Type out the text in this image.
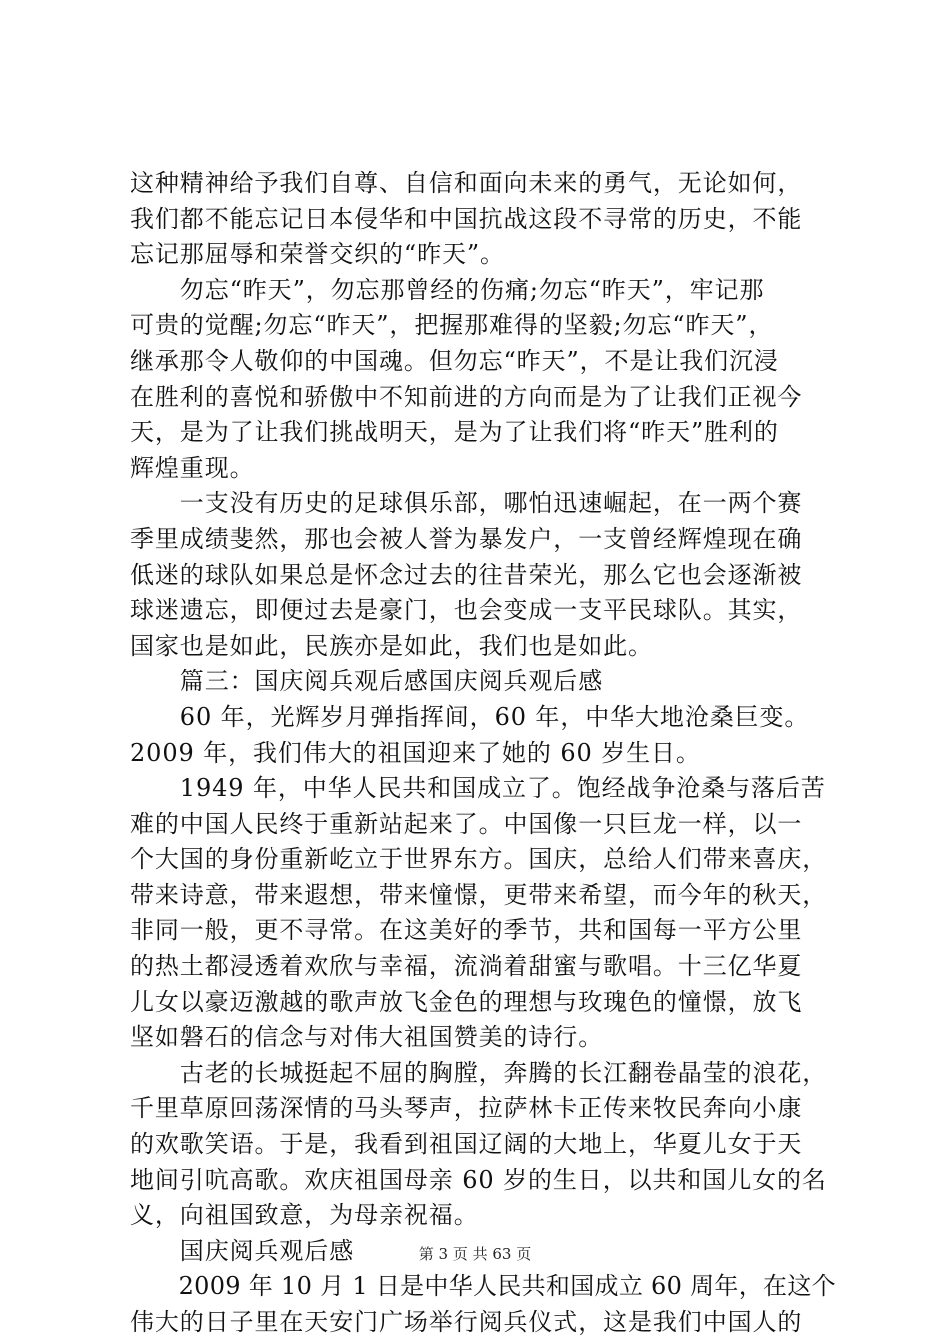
这种精神给予我们自尊、自信和面向未来的勇气，无论如何，
我们都不能忘记日本侵华和中国抗战这段不寻常的历史，不能
忘记那屈辱和荣誉交织的“昨天”。
　　勿忘“昨天”，勿忘那曾经的伤痛;勿忘“昨天”，牢记那
可贵的觉醒;勿忘“昨天”，把握那难得的坚毅;勿忘“昨天”，
继承那令人敬仰的中国魂。但勿忘“昨天”，不是让我们沉浸
在胜利的喜悦和骄傲中不知前进的方向而是为了让我们正视今
天，是为了让我们挑战明天，是为了让我们将“昨天”胜利的
辉煌重现。
　　一支没有历史的足球俱乐部，哪怕迅速崛起，在一两个赛
季里成绩斐然，那也会被人誉为暴发户，一支曾经辉煌现在确
低迷的球队如果总是怀念过去的往昔荣光，那么它也会逐渐被
球迷遗忘，即便过去是豪门，也会变成一支平民球队。其实，
国家也是如此，民族亦是如此，我们也是如此。
　　篇三：国庆阅兵观后感国庆阅兵观后感
　　60 年，光辉岁月弹指挥间，60 年，中华大地沧桑巨变。
2009 年，我们伟大的祖国迎来了她的 60 岁生日。
　　1949 年，中华人民共和国成立了。饱经战争沧桑与落后苦
难的中国人民终于重新站起来了。中国像一只巨龙一样，以一
个大国的身份重新屹立于世界东方。国庆，总给人们带来喜庆，
带来诗意，带来遐想，带来憧憬，更带来希望，而今年的秋天，
非同一般，更不寻常。在这美好的季节，共和国每一平方公里
的热土都浸透着欢欣与幸福，流淌着甜蜜与歌唱。十三亿华夏
儿女以豪迈激越的歌声放飞金色的理想与玫瑰色的憧憬，放飞
坚如磐石的信念与对伟大祖国赞美的诗行。
　　古老的长城挺起不屈的胸膛，奔腾的长江翻卷晶莹的浪花，
千里草原回荡深情的马头琴声，拉萨林卡正传来牧民奔向小康
的欢歌笑语。于是，我看到祖国辽阔的大地上，华夏儿女于天
地间引吭高歌。欢庆祖国母亲 60 岁的生日，以共和国儿女的名
义，向祖国致意，为母亲祝福。
　　国庆阅兵观后感
　　2009 年 10 月 1 日是中华人民共和国成立 60 周年，在这个
伟大的日子里在天安门广场举行阅兵仪式，这是我们中国人的
第 3 页 共 63 页
